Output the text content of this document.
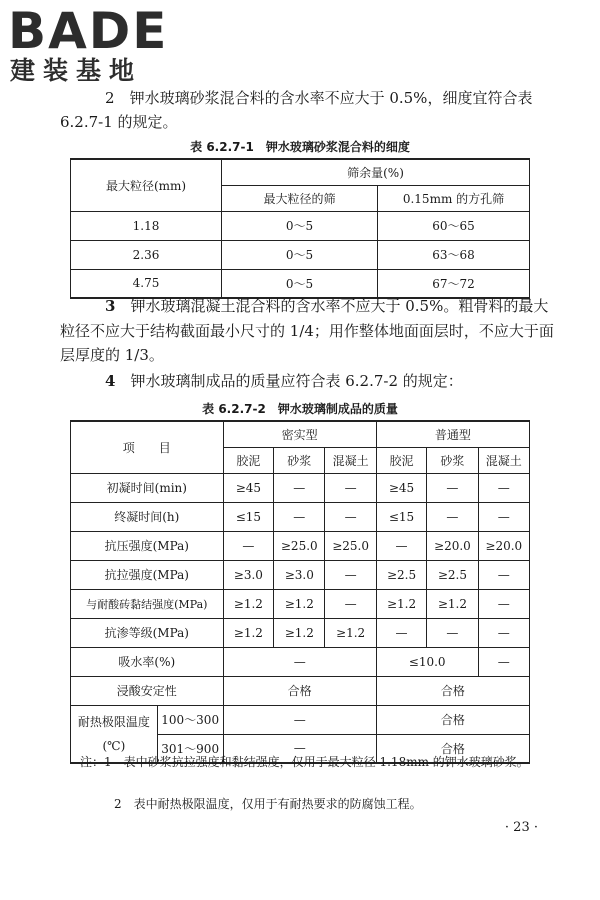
BADE
建装基地
2　 钾水玻璃砂浆混合料的含水率不应大于 0.5%，细度宜符合表 6.2.7-1 的规定。
表 6.2.7-1　钾水玻璃砂浆混合料的细度
最大粒径(mm)	筛余量(%)	
	最大粒径的筛	0.15mm 的方孔筛
1.18	0～5	60～65
2.36	0～5	63～68
4.75	0～5	67～72
3　 钾水玻璃混凝土混合料的含水率不应大于 0.5%。粗骨料的最大粒径不应大于结构截面最小尺寸的 1/4；用作整体地面面层时，不应大于面层厚度的 1/3。
4　 钾水玻璃制成品的质量应符合表 6.2.7-2 的规定：
表 6.2.7-2　钾水玻璃制成品的质量
项　　目		密实型			普通型		
		胶泥	砂浆	混凝土	胶泥	砂浆	混凝土
初凝时间(min)		≥45	—	—	≥45	—	—
终凝时间(h)		≤15	—	—	≤15	—	—
抗压强度(MPa)		—	≥25.0	≥25.0	—	≥20.0	≥20.0
抗拉强度(MPa)		≥3.0	≥3.0	—	≥2.5	≥2.5	—
与耐酸砖黏结强度(MPa)		≥1.2	≥1.2	—	≥1.2	≥1.2	—
抗渗等级(MPa)		≥1.2	≥1.2	≥1.2	—	—	—
吸水率(%)		—			≤10.0		—
浸酸安定性		合格			合格		
耐热极限温度(℃)	100～300	—			合格		
	301～900	—			合格		
注：1　 表中砂浆抗拉强度和黏结强度，仅用于最大粒径 1.18mm 的钾水玻璃砂浆。
2　 表中耐热极限温度，仅用于有耐热要求的防腐蚀工程。
· 23 ·
